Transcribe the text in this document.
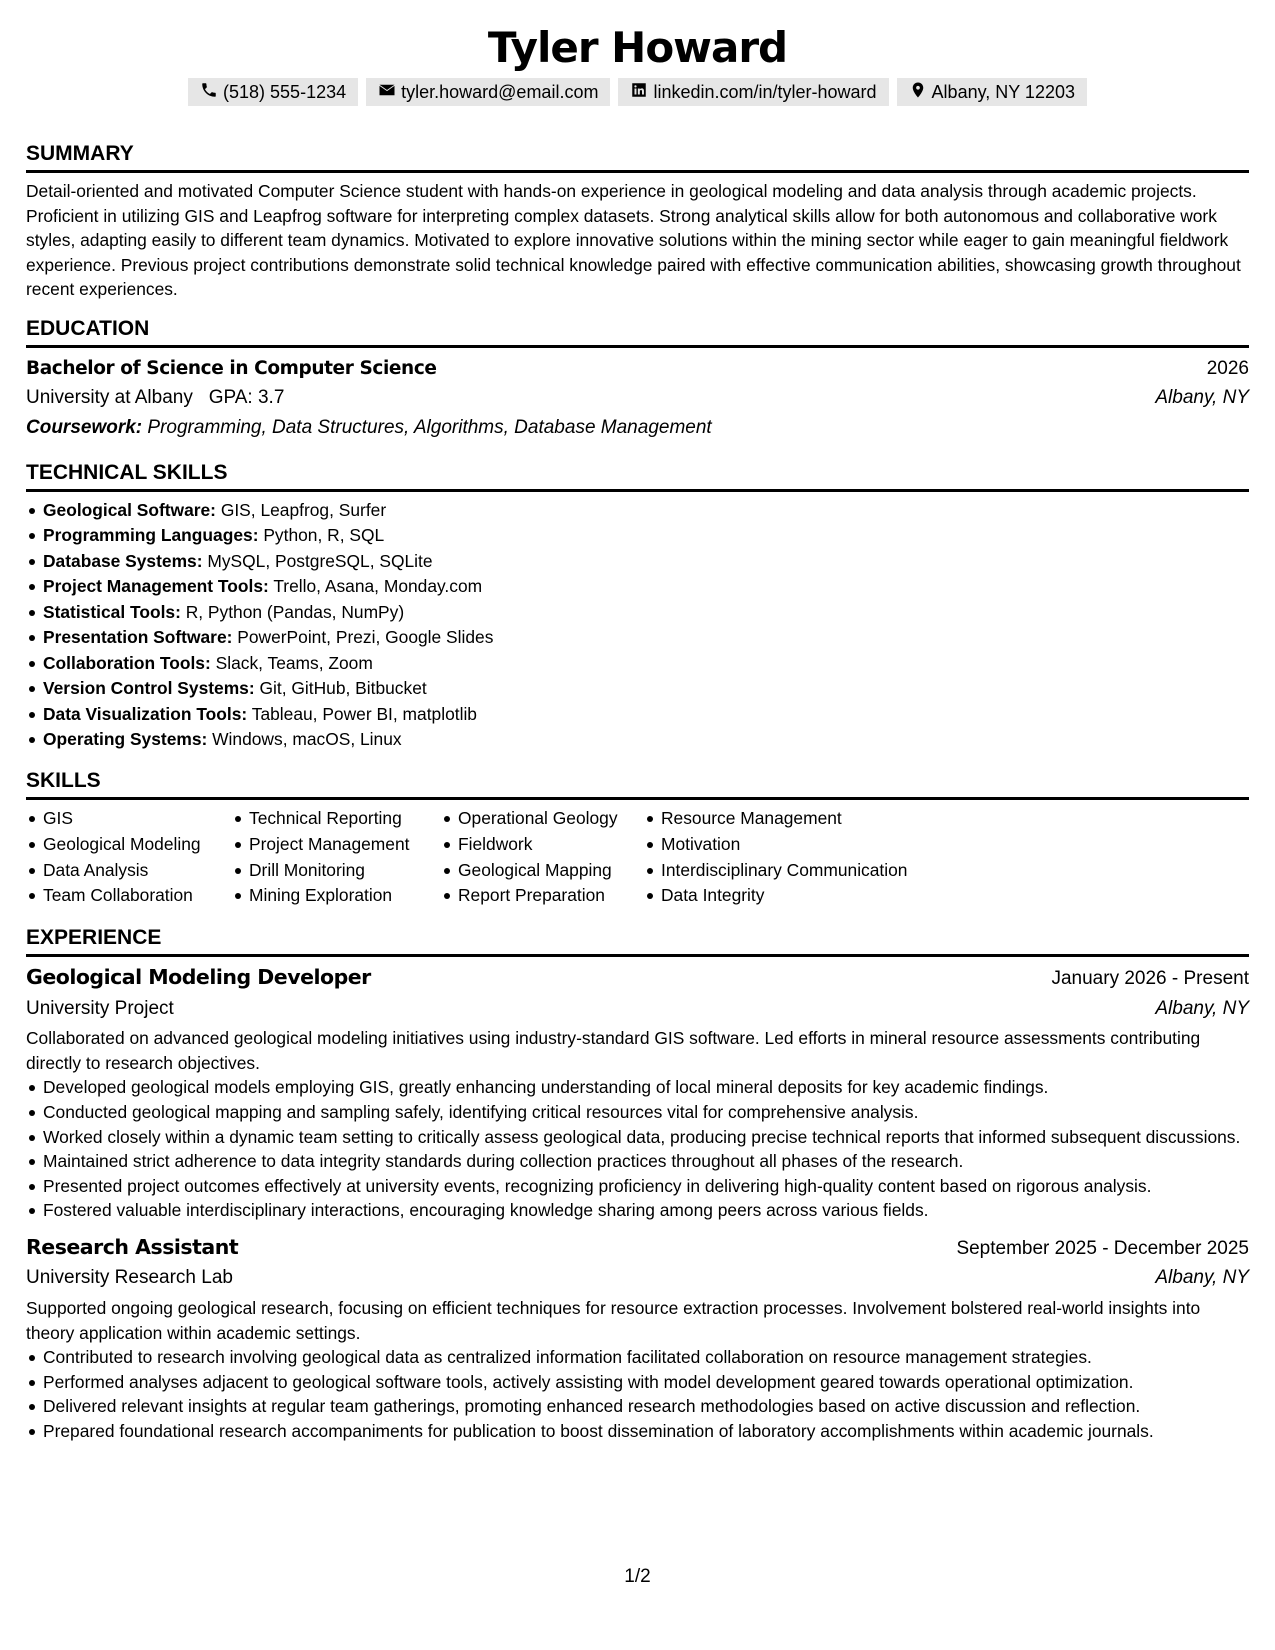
Tyler Howard
(518) 555-1234	tyler.howard@email.com	linkedin.com/in/tyler-howard	Albany, NY 12203
SUMMARY
Detail-oriented and motivated Computer Science student with hands-on experience in geological modeling and data analysis through academic projects. Proficient in utilizing GIS and Leapfrog software for interpreting complex datasets. Strong analytical skills allow for both autonomous and collaborative work styles, adapting easily to different team dynamics. Motivated to explore innovative solutions within the mining sector while eager to gain meaningful fieldwork experience. Previous project contributions demonstrate solid technical knowledge paired with effective communication abilities, showcasing growth throughout recent experiences.
EDUCATION
Bachelor of Science in Computer Science	2026
University at Albany GPA: 3.7	Albany, NY
Coursework: Programming, Data Structures, Algorithms, Database Management
TECHNICAL SKILLS
Geological Software: GIS, Leapfrog, Surfer
Programming Languages: Python, R, SQL
Database Systems: MySQL, PostgreSQL, SQLite
Project Management Tools: Trello, Asana, Monday.com
Statistical Tools: R, Python (Pandas, NumPy)
Presentation Software: PowerPoint, Prezi, Google Slides
Collaboration Tools: Slack, Teams, Zoom
Version Control Systems: Git, GitHub, Bitbucket
Data Visualization Tools: Tableau, Power BI, matplotlib
Operating Systems: Windows, macOS, Linux
SKILLS
GIS
Geological Modeling
Data Analysis
Team Collaboration
Technical Reporting
Project Management
Drill Monitoring
Mining Exploration
Operational Geology
Fieldwork
Geological Mapping
Report Preparation
Resource Management
Motivation
Interdisciplinary Communication
Data Integrity
EXPERIENCE
Geological Modeling Developer	January 2026 - Present
University Project	Albany, NY
Collaborated on advanced geological modeling initiatives using industry-standard GIS software. Led efforts in mineral resource assessments contributing directly to research objectives.
Developed geological models employing GIS, greatly enhancing understanding of local mineral deposits for key academic findings.
Conducted geological mapping and sampling safely, identifying critical resources vital for comprehensive analysis.
Worked closely within a dynamic team setting to critically assess geological data, producing precise technical reports that informed subsequent discussions.
Maintained strict adherence to data integrity standards during collection practices throughout all phases of the research.
Presented project outcomes effectively at university events, recognizing proficiency in delivering high-quality content based on rigorous analysis.
Fostered valuable interdisciplinary interactions, encouraging knowledge sharing among peers across various fields.
Research Assistant	September 2025 - December 2025
University Research Lab	Albany, NY
Supported ongoing geological research, focusing on efficient techniques for resource extraction processes. Involvement bolstered real-world insights into theory application within academic settings.
Contributed to research involving geological data as centralized information facilitated collaboration on resource management strategies.
Performed analyses adjacent to geological software tools, actively assisting with model development geared towards operational optimization.
Delivered relevant insights at regular team gatherings, promoting enhanced research methodologies based on active discussion and reflection.
Prepared foundational research accompaniments for publication to boost dissemination of laboratory accomplishments within academic journals.
1/2
